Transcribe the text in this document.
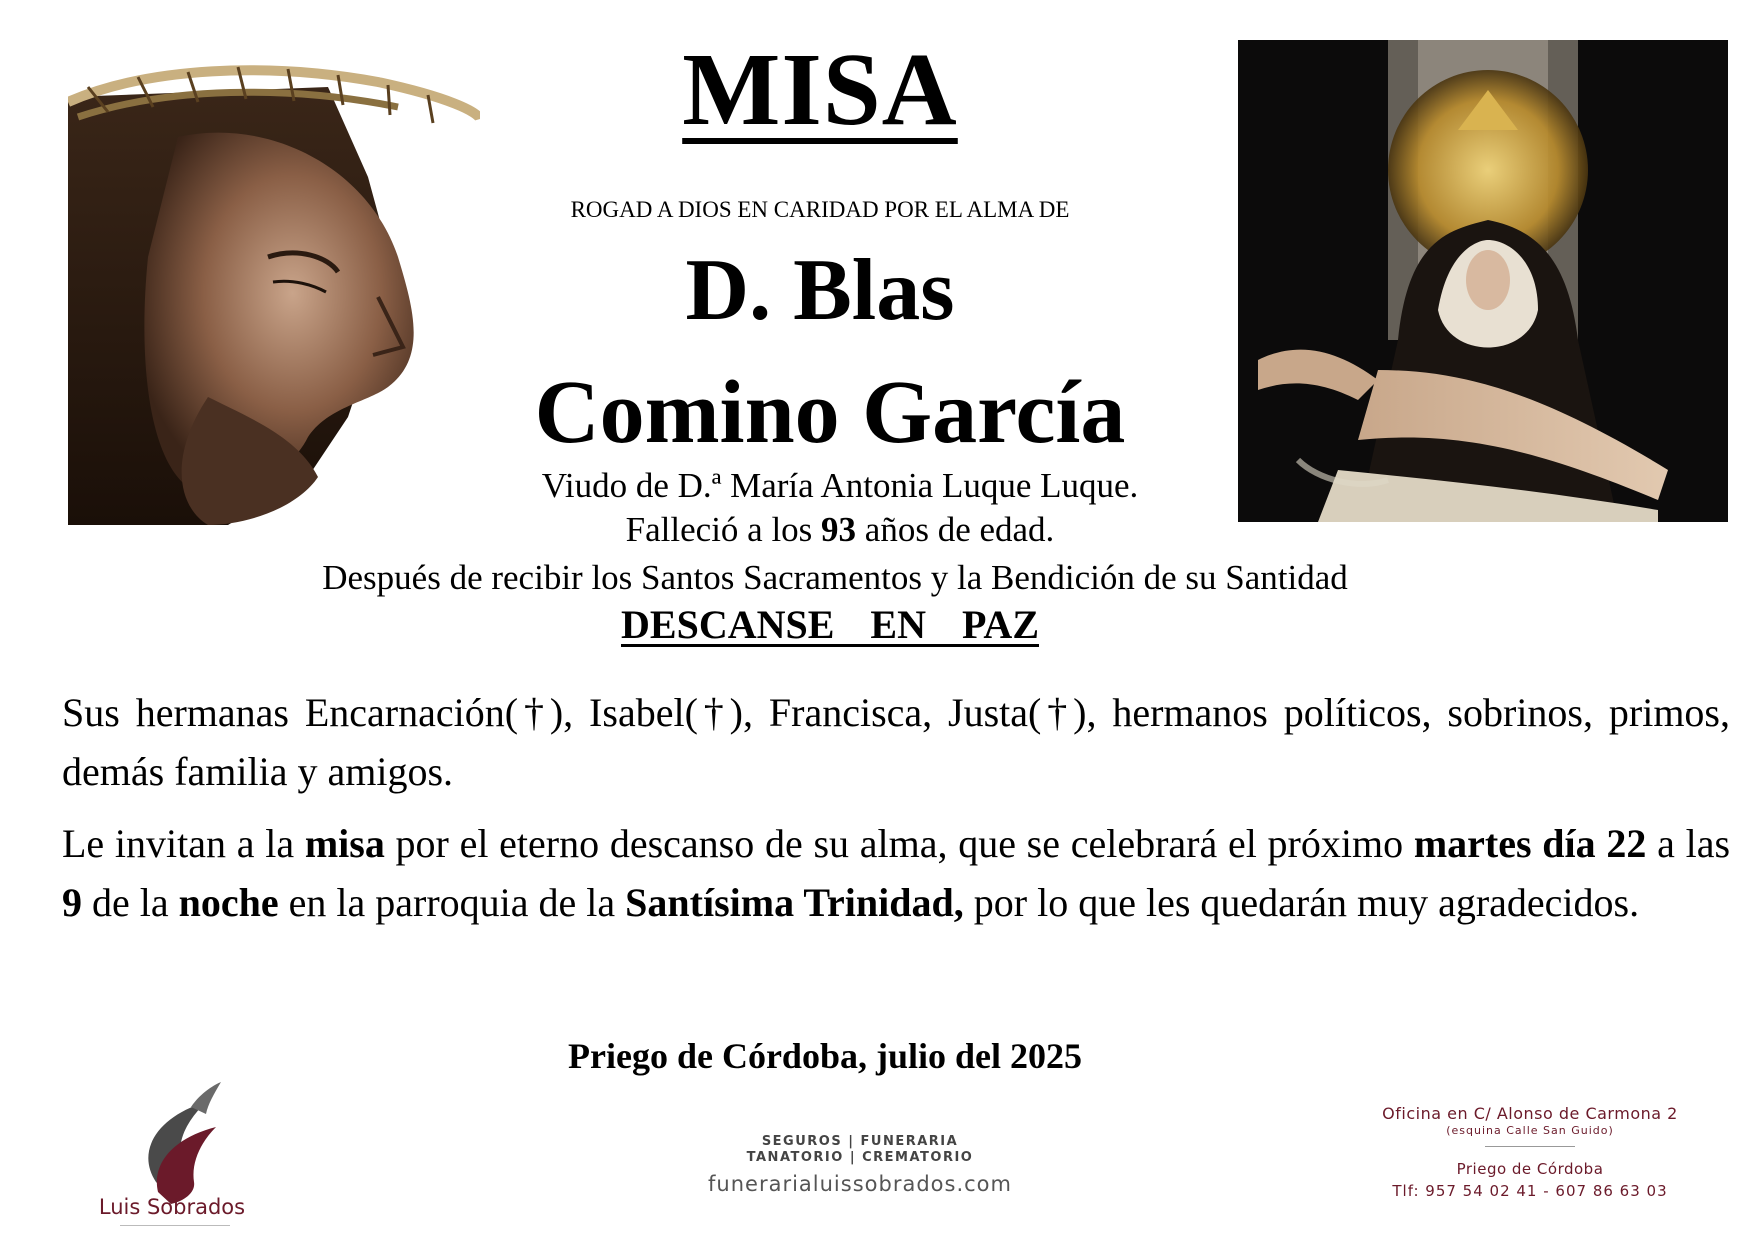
MISA
ROGAD A DIOS EN CARIDAD POR EL ALMA DE
D. Blas
Comino García
Viudo de D.ª María Antonia Luque Luque.
Falleció a los 93 años de edad.
Después de recibir los Santos Sacramentos y la Bendición de su Santidad
DESCANSE  EN  PAZ
Sus hermanas Encarnación(†), Isabel(†), Francisca, Justa(†), hermanos políticos, sobrinos, primos, demás familia y amigos.
Le invitan a la misa por el eterno descanso de su alma, que se celebrará el próximo martes día 22 a las 9 de la noche en la parroquia de la Santísima Trinidad, por lo que les quedarán muy agradecidos.
Priego de Córdoba, julio del 2025
Luis Sobrados
SEGUROS | FUNERARIA
TANATORIO | CREMATORIO
funerarialuissobrados.com
Oficina en C/ Alonso de Carmona 2
(esquina Calle San Guido)
Priego de Córdoba
Tlf: 957 54 02 41 - 607 86 63 03
